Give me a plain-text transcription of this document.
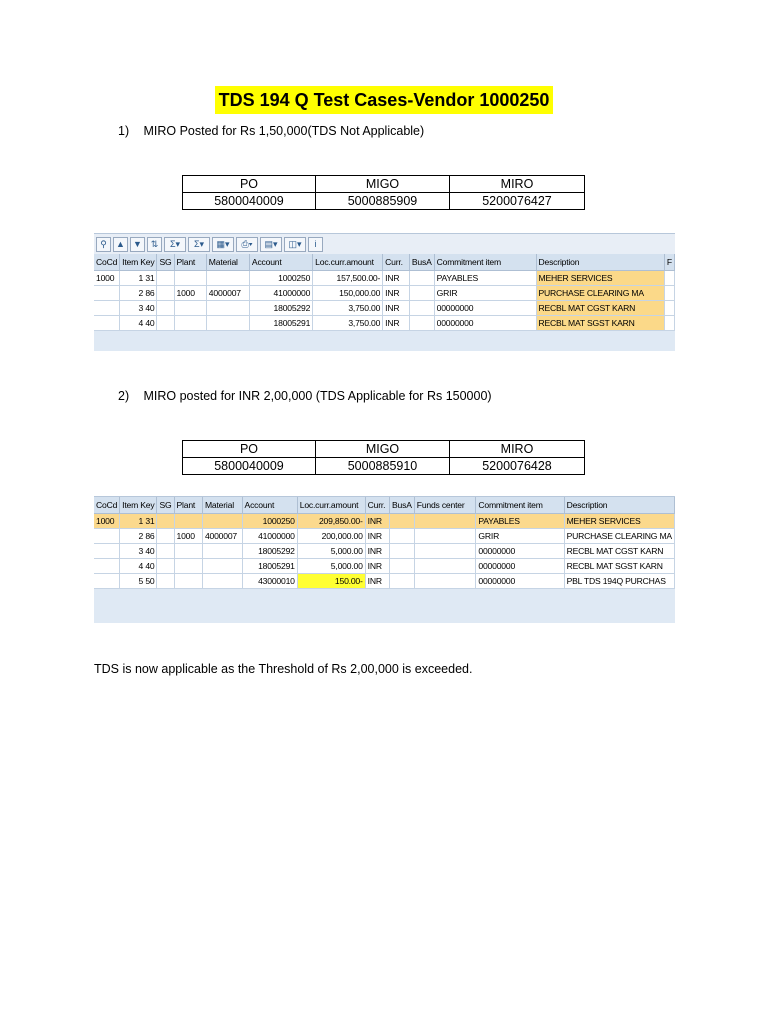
TDS 194 Q Test Cases-Vendor 1000250
1) MIRO Posted for Rs 1,50,000(TDS Not Applicable)
PO	MIGO	MIRO
5800040009	5000885909	5200076427
⚲	▲ ▼ ⇅	Σ▾	Σ▾	▦▾	⎙▾	▤▾	◫▾	i
CoCd	Item Key	SG	Plant	Material	Account	Loc.curr.amount	Curr.	BusA	Commitment item	Description	F
1000	1 31				1000250	157,500.00-	INR		PAYABLES	MEHER SERVICES	
	2 86		1000	4000007	41000000	150,000.00	INR		GRIR	PURCHASE CLEARING MA	
	3 40				18005292	3,750.00	INR		00000000	RECBL MAT CGST KARN	
	4 40				18005291	3,750.00	INR		00000000	RECBL MAT SGST KARN	
2) MIRO posted for INR 2,00,000 (TDS Applicable for Rs 150000)
PO	MIGO	MIRO
5800040009	5000885910	5200076428
CoCd	Item Key	SG	Plant	Material	Account	Loc.curr.amount	Curr.	BusA	Funds center	Commitment item	Description
1000	1 31				1000250	209,850.00-	INR			PAYABLES	MEHER SERVICES
	2 86		1000	4000007	41000000	200,000.00	INR			GRIR	PURCHASE CLEARING MA
	3 40				18005292	5,000.00	INR			00000000	RECBL MAT CGST KARN
	4 40				18005291	5,000.00	INR			00000000	RECBL MAT SGST KARN
	5 50				43000010	150.00-	INR			00000000	PBL TDS 194Q PURCHAS
TDS is now applicable as the Threshold of Rs 2,00,000 is exceeded.
